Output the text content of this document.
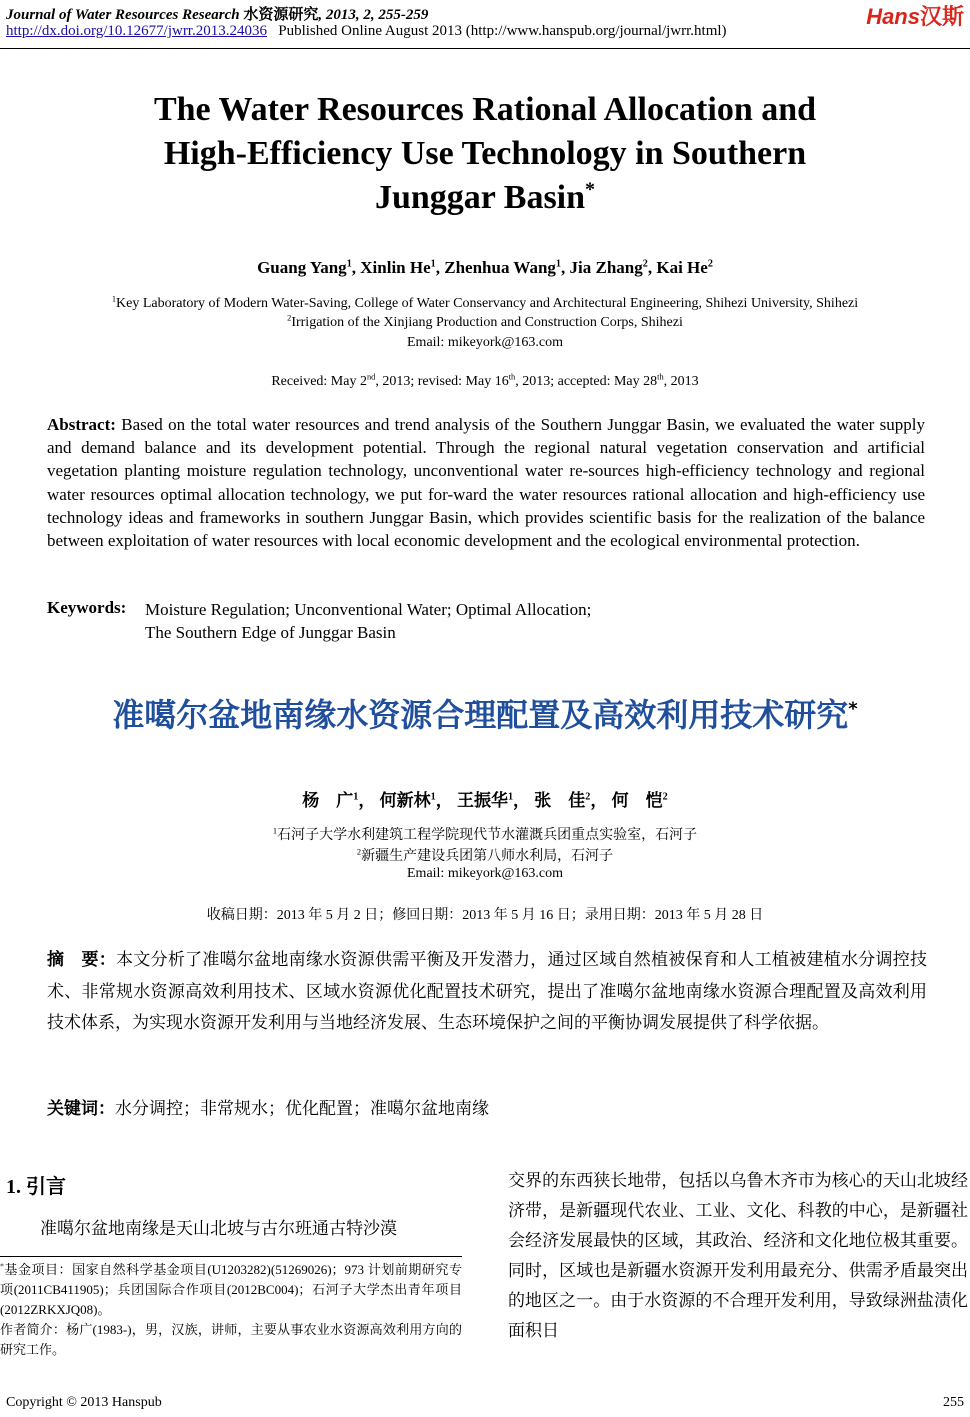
Journal of Water Resources Research 水资源研究, 2013, 2, 255-259
http://dx.doi.org/10.12677/jwrr.2013.24036 Published Online August 2013 (http://www.hanspub.org/journal/jwrr.html)
Hans汉斯
The Water Resources Rational Allocation and
High-Efficiency Use Technology in Southern
Junggar Basin*
Guang Yang$^1$, Xinlin He$^1$, Zhenhua Wang$^1$, Jia Zhang$^2$, Kai He$^2$
$^1$Key Laboratory of Modern Water-Saving, College of Water Conservancy and Architectural Engineering, Shihezi University, Shihezi
$^2$Irrigation of the Xinjiang Production and Construction Corps, Shihezi
Email: mikeyork@163.com
Received: May 2nd, 2013; revised: May 16th, 2013; accepted: May 28th, 2013
Abstract: Based on the total water resources and trend analysis of the Southern Junggar Basin, we evaluated the water supply and demand balance and its development potential. Through the regional natural vegetation conservation and artificial vegetation planting moisture regulation technology, unconventional water re-sources high-efficiency technology and regional water resources optimal allocation technology, we put for-ward the water resources rational allocation and high-efficiency use technology ideas and frameworks in southern Junggar Basin, which provides scientific basis for the realization of the balance between exploitation of water resources with local economic development and the ecological environmental protection.
Keywords: Moisture Regulation; Unconventional Water; Optimal Allocation;
The Southern Edge of Junggar Basin
准噶尔盆地南缘水资源合理配置及高效利用技术研究*
杨　广$^1$， 何新林$^1$， 王振华$^1$， 张　佳$^2$， 何　恺$^2$
$^1$石河子大学水利建筑工程学院现代节水灌溉兵团重点实验室，石河子
$^2$新疆生产建设兵团第八师水利局，石河子
Email: mikeyork@163.com
收稿日期：2013 年 5 月 2 日；修回日期：2013 年 5 月 16 日；录用日期：2013 年 5 月 28 日
摘　要：本文分析了准噶尔盆地南缘水资源供需平衡及开发潜力，通过区域自然植被保育和人工植被建植水分调控技术、非常规水资源高效利用技术、区域水资源优化配置技术研究，提出了准噶尔盆地南缘水资源合理配置及高效利用技术体系，为实现水资源开发利用与当地经济发展、生态环境保护之间的平衡协调发展提供了科学依据。
关键词：水分调控；非常规水；优化配置；准噶尔盆地南缘
1. 引言
准噶尔盆地南缘是天山北坡与古尔班通古特沙漠
交界的东西狭长地带，包括以乌鲁木齐市为核心的天山北坡经济带，是新疆现代农业、工业、文化、科教的中心，是新疆社会经济发展最快的区域，其政治、经济和文化地位极其重要。同时，区域也是新疆水资源开发利用最充分、供需矛盾最突出的地区之一。由于水资源的不合理开发利用，导致绿洲盐渍化面积日
*基金项目：国家自然科学基金项目(U1203282)(51269026)；973 计划前期研究专项(2011CB411905)；兵团国际合作项目(2012BC004)；石河子大学杰出青年项目(2012ZRKXJQ08)。
作者简介：杨广(1983-)，男，汉族，讲师，主要从事农业水资源高效利用方向的研究工作。
Copyright © 2013 Hanspub	255
